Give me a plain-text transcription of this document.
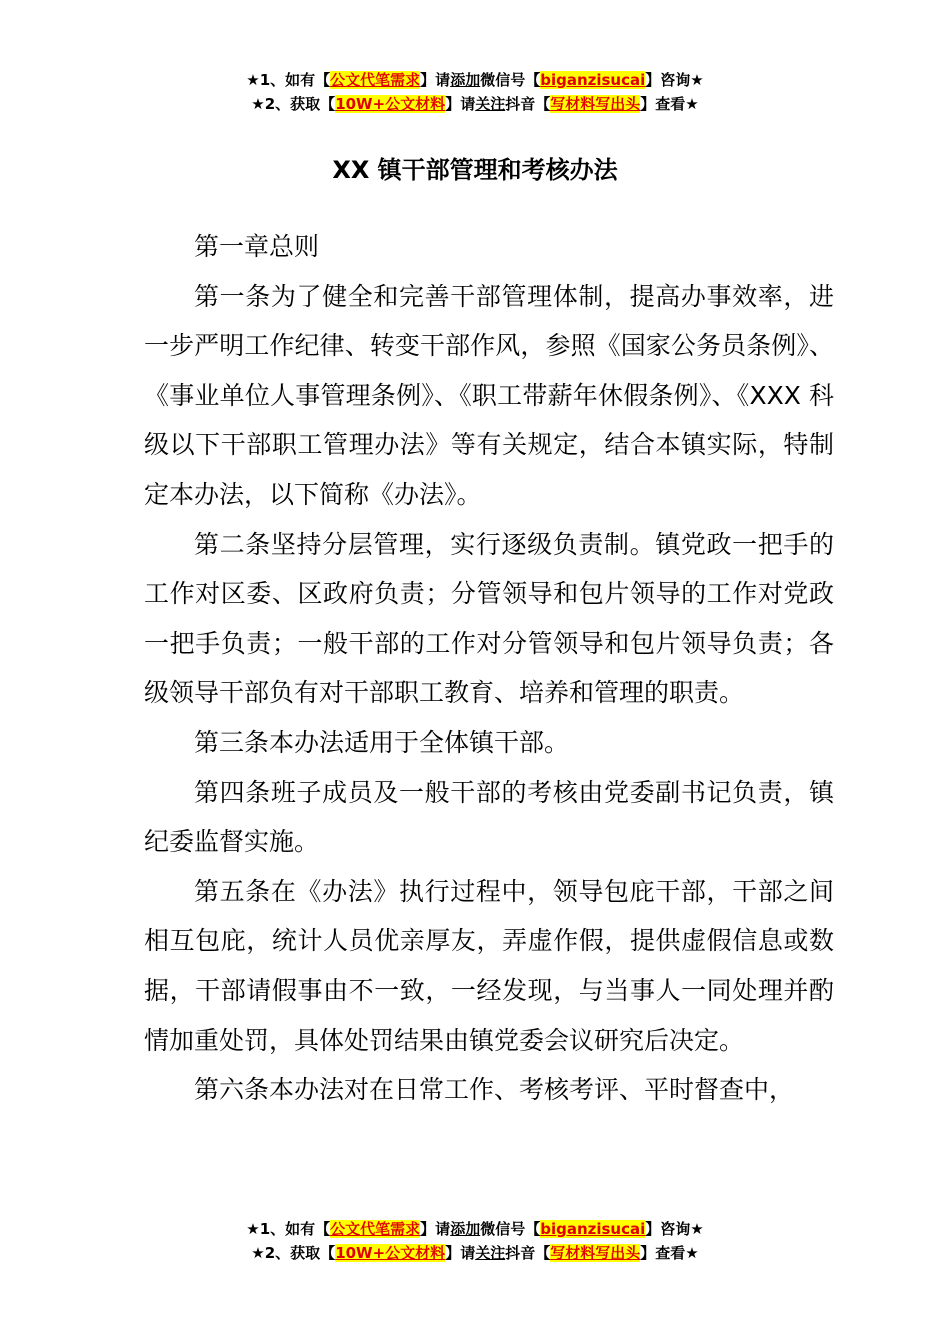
★1、如有【公文代笔需求】请添加微信号【biganzisucai】咨询★
★2、获取【10W+公文材料】请关注抖音【写材料写出头】查看★
XX 镇干部管理和考核办法

第一章总则

第一条为了健全和完善干部管理体制，提高办事效率，进一步严明工作纪律、转变干部作风，参照《国家公务员条例》、《事业单位人事管理条例》、《职工带薪年休假条例》、《XXX 科级以下干部职工管理办法》等有关规定，结合本镇实际，特制定本办法，以下简称《办法》。

第二条坚持分层管理，实行逐级负责制。镇党政一把手的工作对区委、区政府负责；分管领导和包片领导的工作对党政一把手负责；一般干部的工作对分管领导和包片领导负责；各级领导干部负有对干部职工教育、培养和管理的职责。

第三条本办法适用于全体镇干部。

第四条班子成员及一般干部的考核由党委副书记负责，镇纪委监督实施。

第五条在《办法》执行过程中，领导包庇干部，干部之间相互包庇，统计人员优亲厚友，弄虚作假，提供虚假信息或数据，干部请假事由不一致，一经发现，与当事人一同处理并酌情加重处罚，具体处罚结果由镇党委会议研究后决定。

第六条本办法对在日常工作、考核考评、平时督查中，

★1、如有【公文代笔需求】请添加微信号【biganzisucai】咨询★
★2、获取【10W+公文材料】请关注抖音【写材料写出头】查看★
